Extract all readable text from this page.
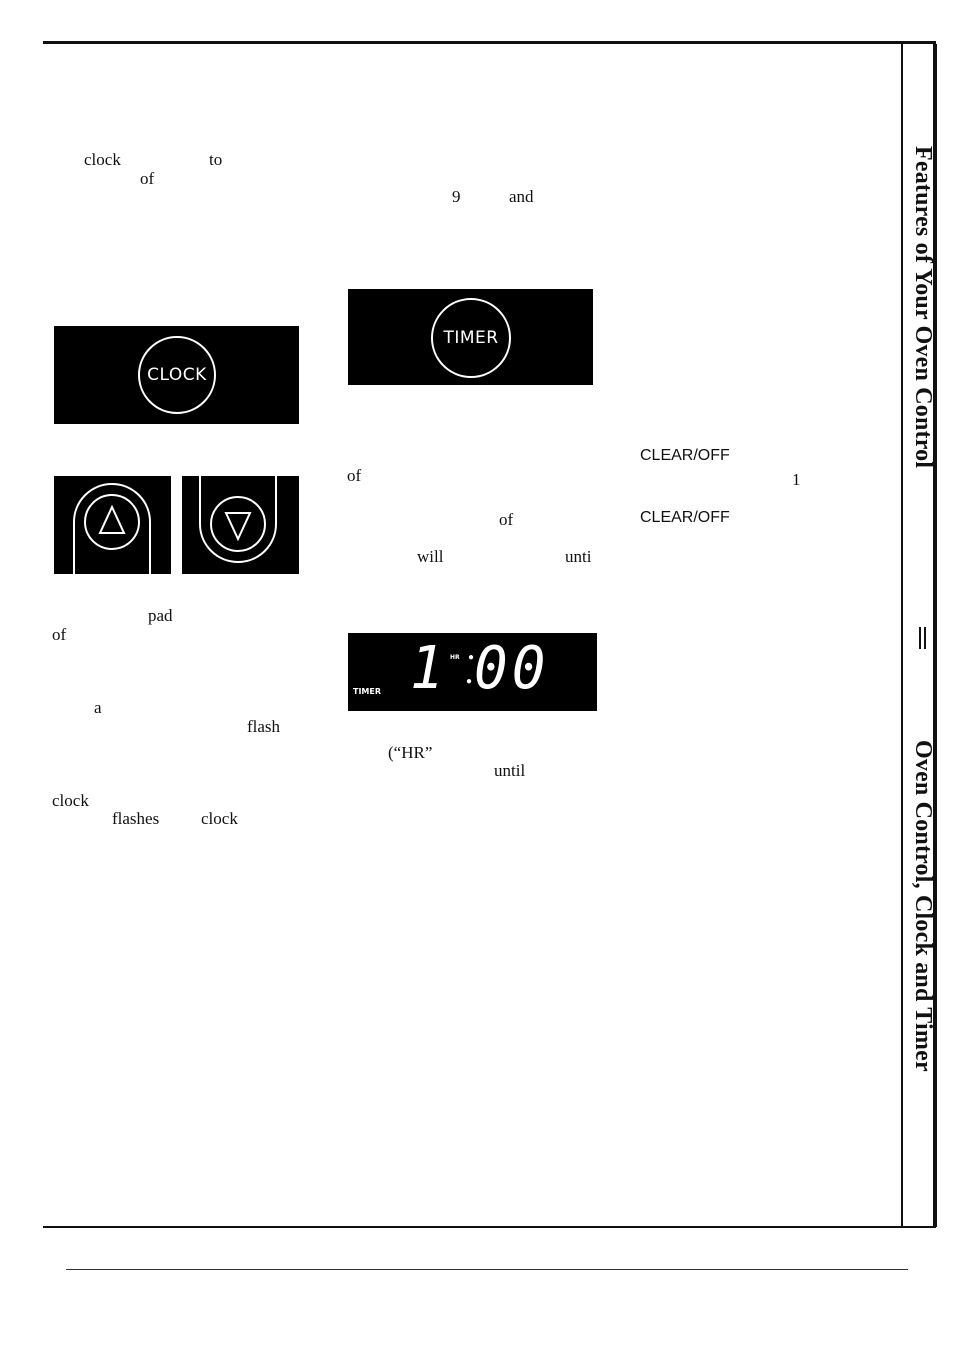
Features of Your Oven Control
Oven Control, Clock and Timer
clock	to
of
pad
of
a
flash
clock
flashes clock
9	and
of
of
will	unti
(“HR”
until
CLEAR/OFF
1
CLEAR/OFF
CLOCK
TIMER
TIMER
HR
1 ●
● 00
